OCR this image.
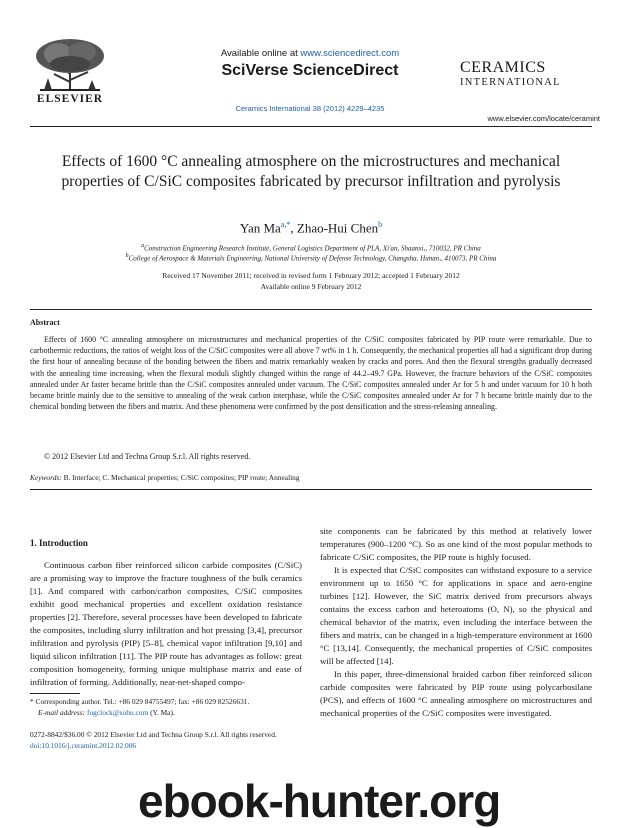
ELSEVIER
Available online at www.sciencedirect.com
SciVerse ScienceDirect
Ceramics International 38 (2012) 4229–4235
CERAMICS
INTERNATIONAL
www.elsevier.com/locate/ceramint
Effects of 1600 °C annealing atmosphere on the microstructures and mechanical properties of C/SiC composites fabricated by precursor infiltration and pyrolysis
Yan $Ma^{a,*}$, Zhao-Hui Chen$^b$
$^a$Construction Engineering Research Institute, General Logistics Department of PLA, Xi'an, Shaanxi,, 710032, PR China
$^b$College of Aerospace & Materials Engineering, National University of Defense Technology, Changsha, Hunan,, 410073, PR China
Received 17 November 2011; received in revised form 1 February 2012; accepted 1 February 2012
Available online 9 February 2012
Abstract
Effects of 1600 °C annealing atmosphere on microstructures and mechanical properties of the C/SiC composites fabricated by PIP route were remarkable. Due to carbothermic reductions, the ratios of weight loss of the C/SiC composites were all above 7 wt% in 1 h. Consequently, the mechanical properties all had a significant drop during the first hour of annealing because of the bonding between the fibers and matrix remarkably weaken by cracks and pores. And then the flexural strengths gradually decreased with the annealing time increasing, when the flexural moduli slightly changed within the range of 44.2–49.7 GPa. However, the fracture behaviors of the C/SiC composites annealed under Ar faster became brittle than the C/SiC composites annealed under vacuum. The C/SiC composites annealed under Ar for 5 h and under vacuum for 10 h both became brittle mainly due to the sensitive to annealing of the weak carbon interphase, while the C/SiC composites annealed under Ar for 7 h became brittle mainly due to the chemical bonding between the fibers and matrix. And these phenomena were confirmed by the post densification and the stress-releasing annealing.
© 2012 Elsevier Ltd and Techna Group S.r.l. All rights reserved.
Keywords: B. Interface; C. Mechanical properties; C/SiC composites; PIP route; Annealing
1. Introduction

Continuous carbon fiber reinforced silicon carbide composites (C/SiC) are a promising way to improve the fracture toughness of the bulk ceramics [1]. And compared with carbon/carbon composites, C/SiC composites exhibit good mechanical properties and excellent oxidation resistance properties [2]. Therefore, several processes have been developed to fabricate the composites, including slurry infiltration and hot pressing [3,4], precursor infiltration and pyrolysis (PIP) [5–8], chemical vapor infiltration [9,10] and liquid silicon infiltration [11]. The PIP route has advantages as follow: great composition homogeneity, forming unique multiphase matrix and ease of infiltration of forming. Additionally, near-net-shaped compo-

site components can be fabricated by this method at relatively lower temperatures (900–1200 °C). So as one kind of the most popular methods to fabricate C/SiC composites, the PIP route is highly focused.

It is expected that C/SiC composites can withstand exposure to a service environment up to 1650 °C for applications in space and aero-engine turbines [12]. However, the SiC matrix derived from precursors always contains the excess carbon and heteroatoms (O, N), so the physical and chemical behavior of the matrix, even including the interface between the fibers and matrix, can be changed in a high-temperature environment at 1600 °C [13,14]. Consequently, the mechanical properties of C/SiC composites will be affected [14].

In this paper, three-dimensional braided carbon fiber reinforced silicon carbide composites were fabricated by PIP route using polycarbosilane (PCS), and effects of 1600 °C annealing atmosphere on microstructures and mechanical properties of the C/SiC composites were investigated.

* Corresponding author. Tel.: +86 029 84755497; fax: +86 029 82526631.
E-mail address: fogclock@sohu.com (Y. Ma).
0272-8842/$36.00 © 2012 Elsevier Ltd and Techna Group S.r.l. All rights reserved.
doi:10.1016/j.ceramint.2012.02.006
ebook-hunter.org
